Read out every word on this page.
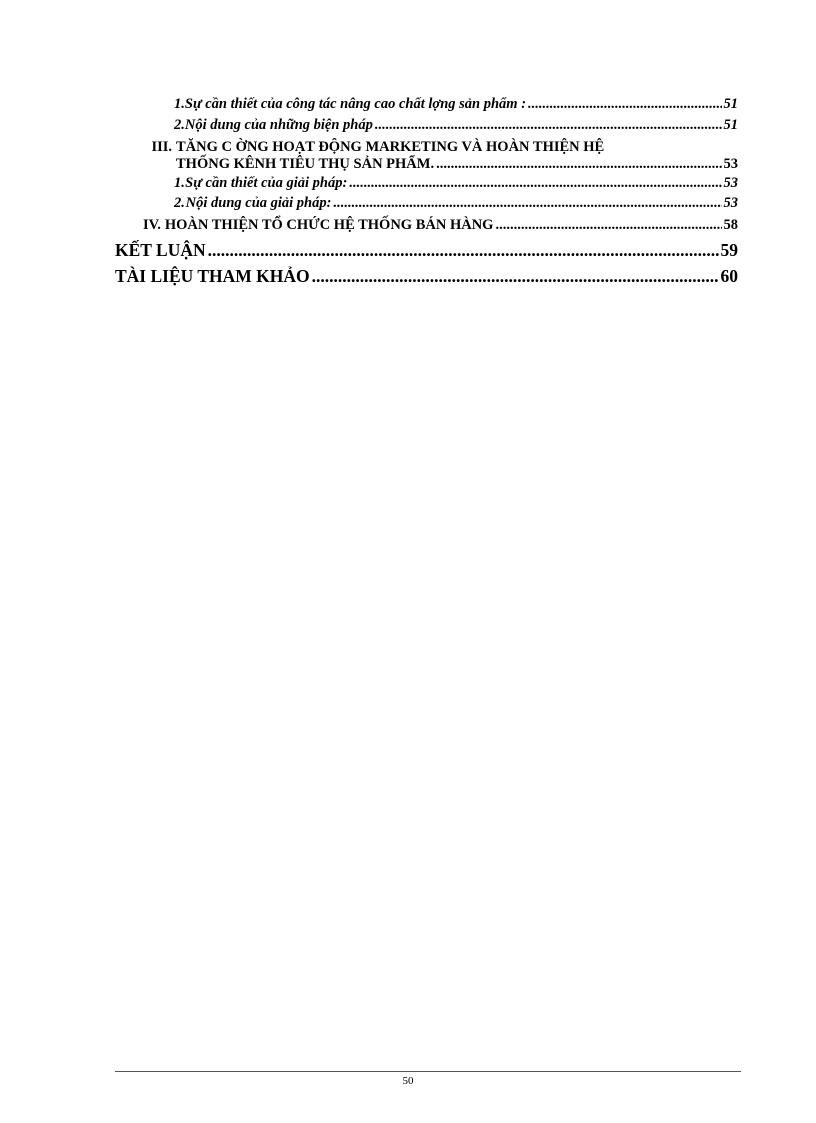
1. Sự cần thiết của công tác nâng cao chất lợng sản phẩm : .....	51
2. Nội dung của những biện pháp .....	51
III. TĂNG C ỜNG HOẠT ĐỘNG MARKETING VÀ HOÀN THIỆN HỆ
THỐNG KÊNH TIÊU THỤ SẢN PHẨM. .....	53
1. Sự cần thiết của giải pháp: .....	53
2. Nội dung của giải pháp: .....	53
IV. HOÀN THIỆN TỔ CHỨC HỆ THỐNG BÁN HÀNG .....	58
KẾT LUẬN .....	59
TÀI LIỆU THAM KHẢO .....	60
50
